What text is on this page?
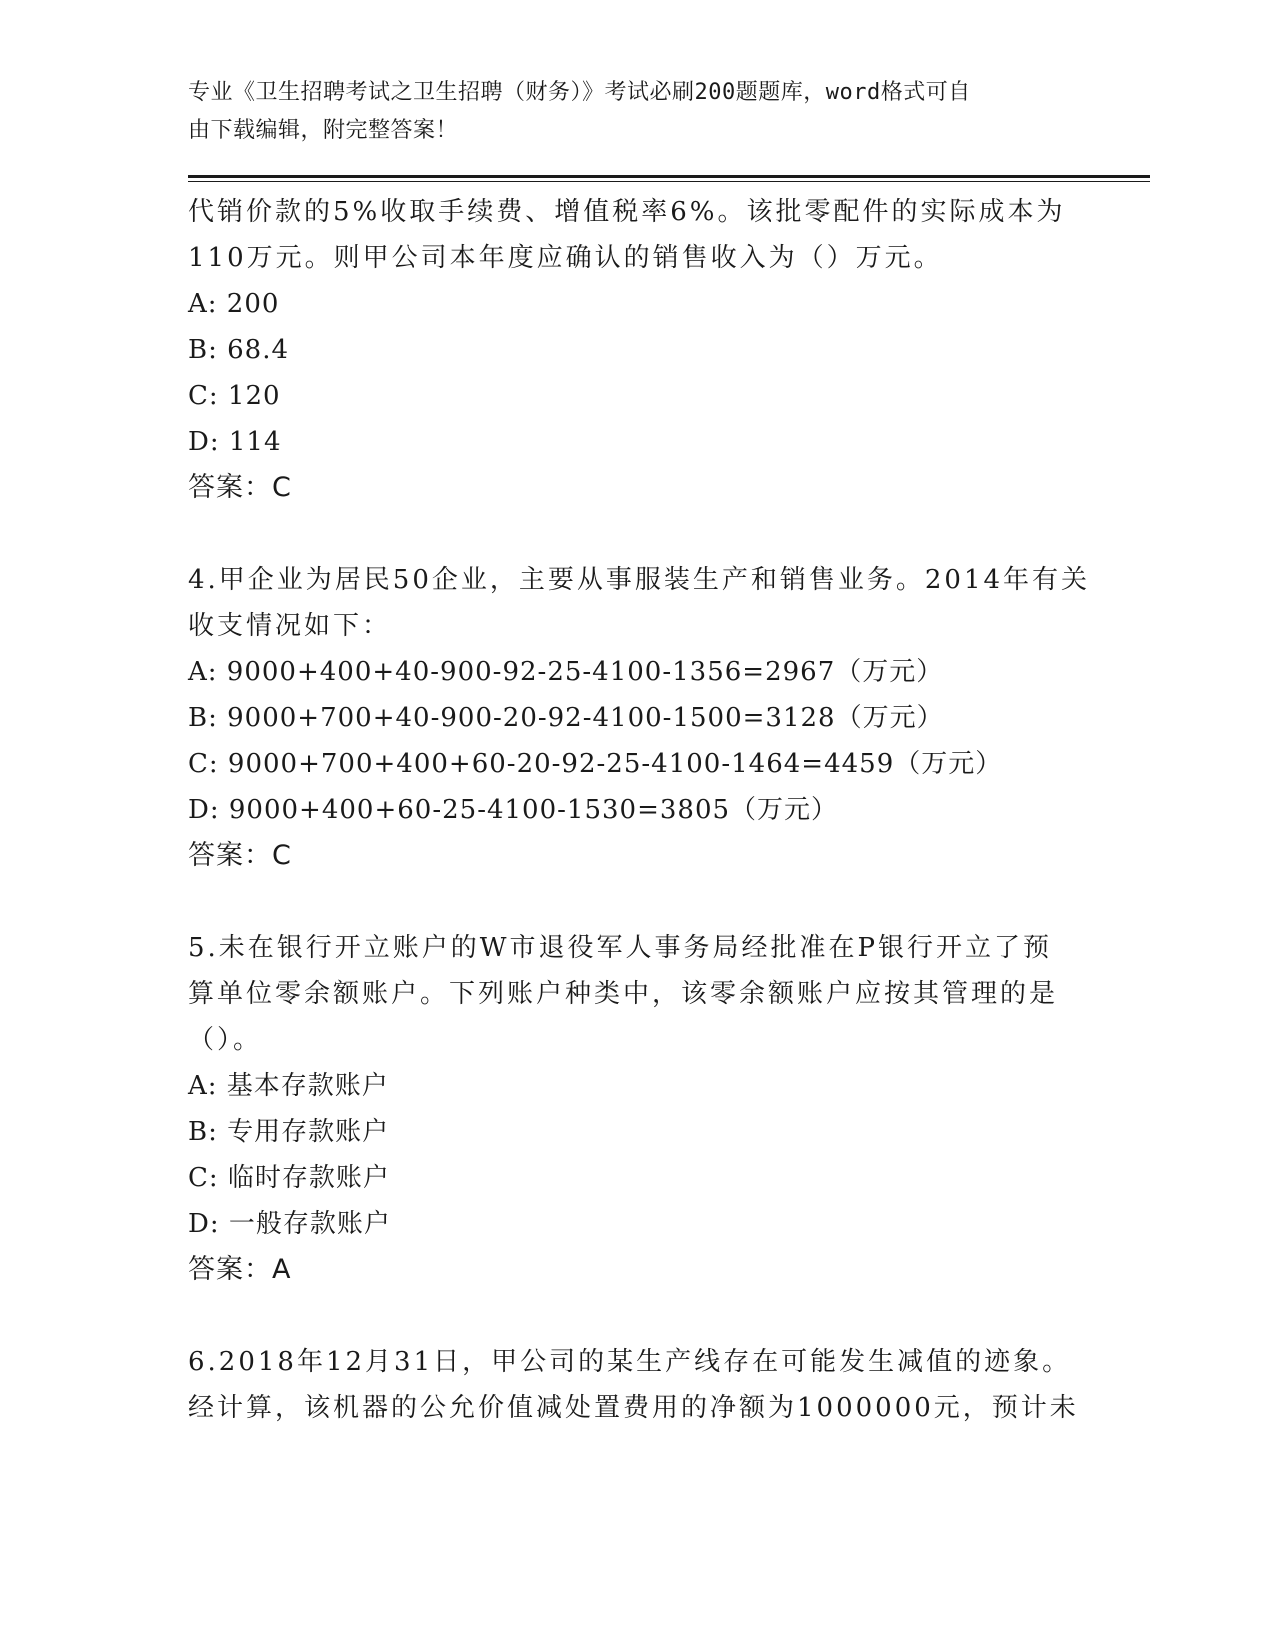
专业《卫生招聘考试之卫生招聘（财务）》考试必刷200题题库，word格式可自
由下载编辑，附完整答案！
代销价款的5%收取手续费、增值税率6%。该批零配件的实际成本为
110万元。则甲公司本年度应确认的销售收入为（）万元。
A: 200
B: 68.4
C: 120
D: 114
答案：C
4.甲企业为居民50企业，主要从事服装生产和销售业务。2014年有关
收支情况如下：
A: 9000+400+40-900-92-25-4100-1356=2967（万元）
B: 9000+700+40-900-20-92-4100-1500=3128（万元）
C: 9000+700+400+60-20-92-25-4100-1464=4459（万元）
D: 9000+400+60-25-4100-1530=3805（万元）
答案：C
5.未在银行开立账户的W市退役军人事务局经批准在P银行开立了预
算单位零余额账户。下列账户种类中，该零余额账户应按其管理的是
（）。
A: 基本存款账户
B: 专用存款账户
C: 临时存款账户
D: 一般存款账户
答案：A
6.2018年12月31日，甲公司的某生产线存在可能发生减值的迹象。
经计算，该机器的公允价值减处置费用的净额为1000000元，预计未
